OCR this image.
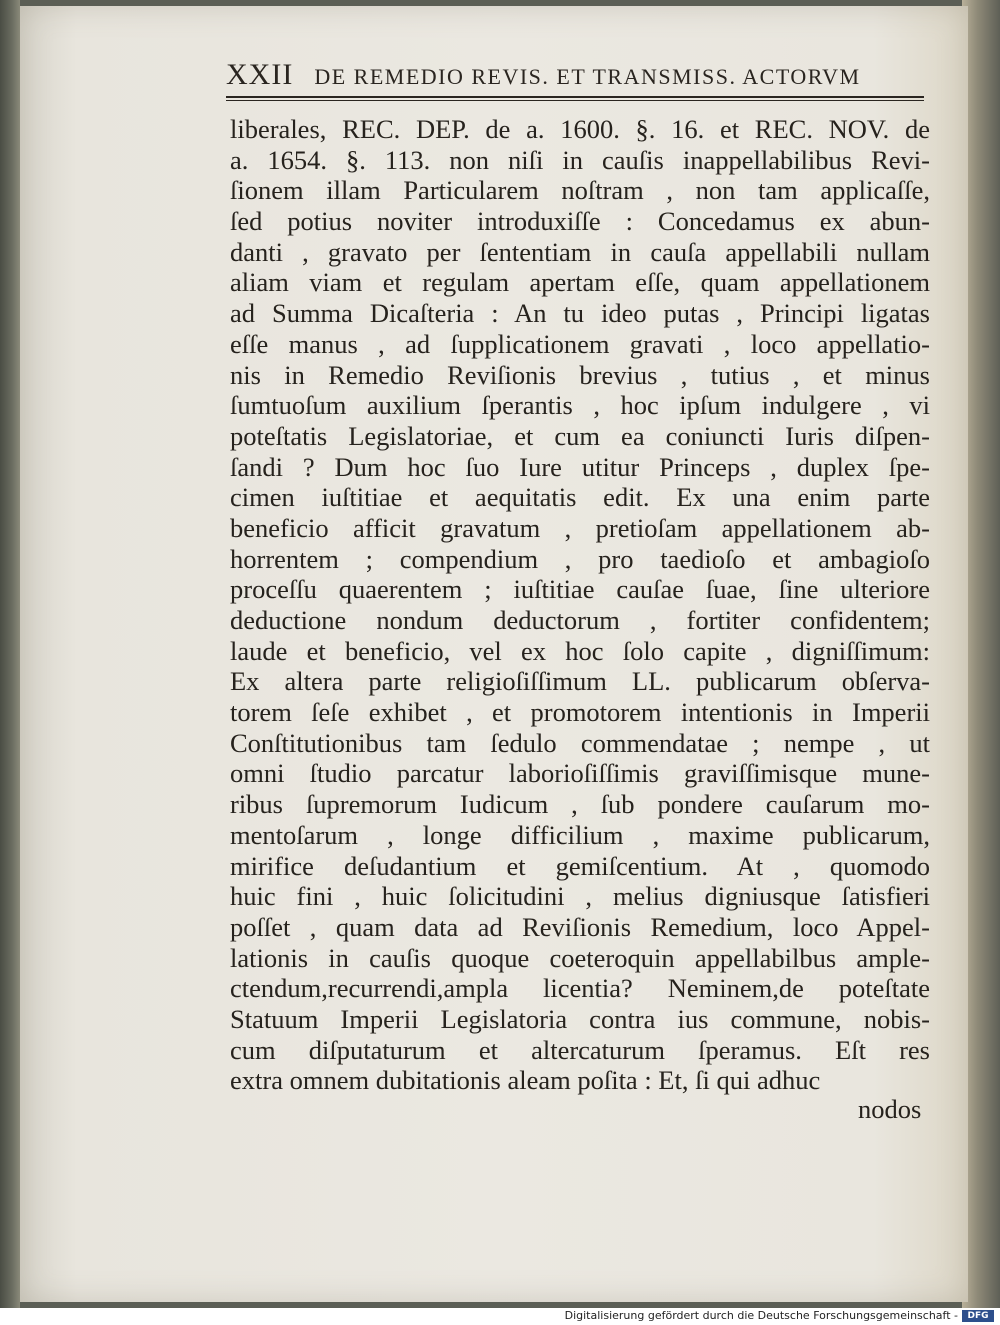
XXII DE REMEDIO REVIS. ET TRANSMISS. ACTORVM
liberales, REC. DEP. de a. 1600. §. 16. et REC. NOV. de
a. 1654. §. 113. non niſi in cauſis inappellabilibus Revi-
ſionem illam Particularem noſtram , non tam applicaſſe,
ſed potius noviter introduxiſſe : Concedamus ex abun-
danti , gravato per ſententiam in cauſa appellabili nullam
aliam viam et regulam apertam eſſe, quam appellationem
ad Summa Dicaſteria : An tu ideo putas , Principi ligatas
eſſe manus , ad ſupplicationem gravati , loco appellatio-
nis in Remedio Reviſionis brevius , tutius , et minus
ſumtuoſum auxilium ſperantis , hoc ipſum indulgere , vi
poteſtatis Legislatoriae, et cum ea coniuncti Iuris diſpen-
ſandi ? Dum hoc ſuo Iure utitur Princeps , duplex ſpe-
cimen iuſtitiae et aequitatis edit. Ex una enim parte
beneficio afficit gravatum , pretioſam appellationem ab-
horrentem ; compendium , pro taedioſo et ambagioſo
proceſſu quaerentem ; iuſtitiae cauſae ſuae, ſine ulteriore
deductione nondum deductorum , fortiter confidentem;
laude et beneficio, vel ex hoc ſolo capite , digniſſimum:
Ex altera parte religioſiſſimum LL. publicarum obſerva-
torem ſeſe exhibet , et promotorem intentionis in Imperii
Conſtitutionibus tam ſedulo commendatae ; nempe , ut
omni ſtudio parcatur laborioſiſſimis graviſſimisque mune-
ribus ſupremorum Iudicum , ſub pondere cauſarum mo-
mentoſarum , longe difficilium , maxime publicarum,
mirifice deſudantium et gemiſcentium. At , quomodo
huic fini , huic ſolicitudini , melius digniusque ſatisfieri
poſſet , quam data ad Reviſionis Remedium, loco Appel-
lationis in cauſis quoque coeteroquin appellabilbus ample-
ctendum,recurrendi,ampla licentia? Neminem,de poteſtate
Statuum Imperii Legislatoria contra ius commune, nobis-
cum diſputaturum et altercaturum ſperamus. Eſt res
extra omnem dubitationis aleam poſita : Et, ſi qui adhuc
nodos
Digitalisierung gefördert durch die Deutsche Forschungsgemeinschaft -	DFG
